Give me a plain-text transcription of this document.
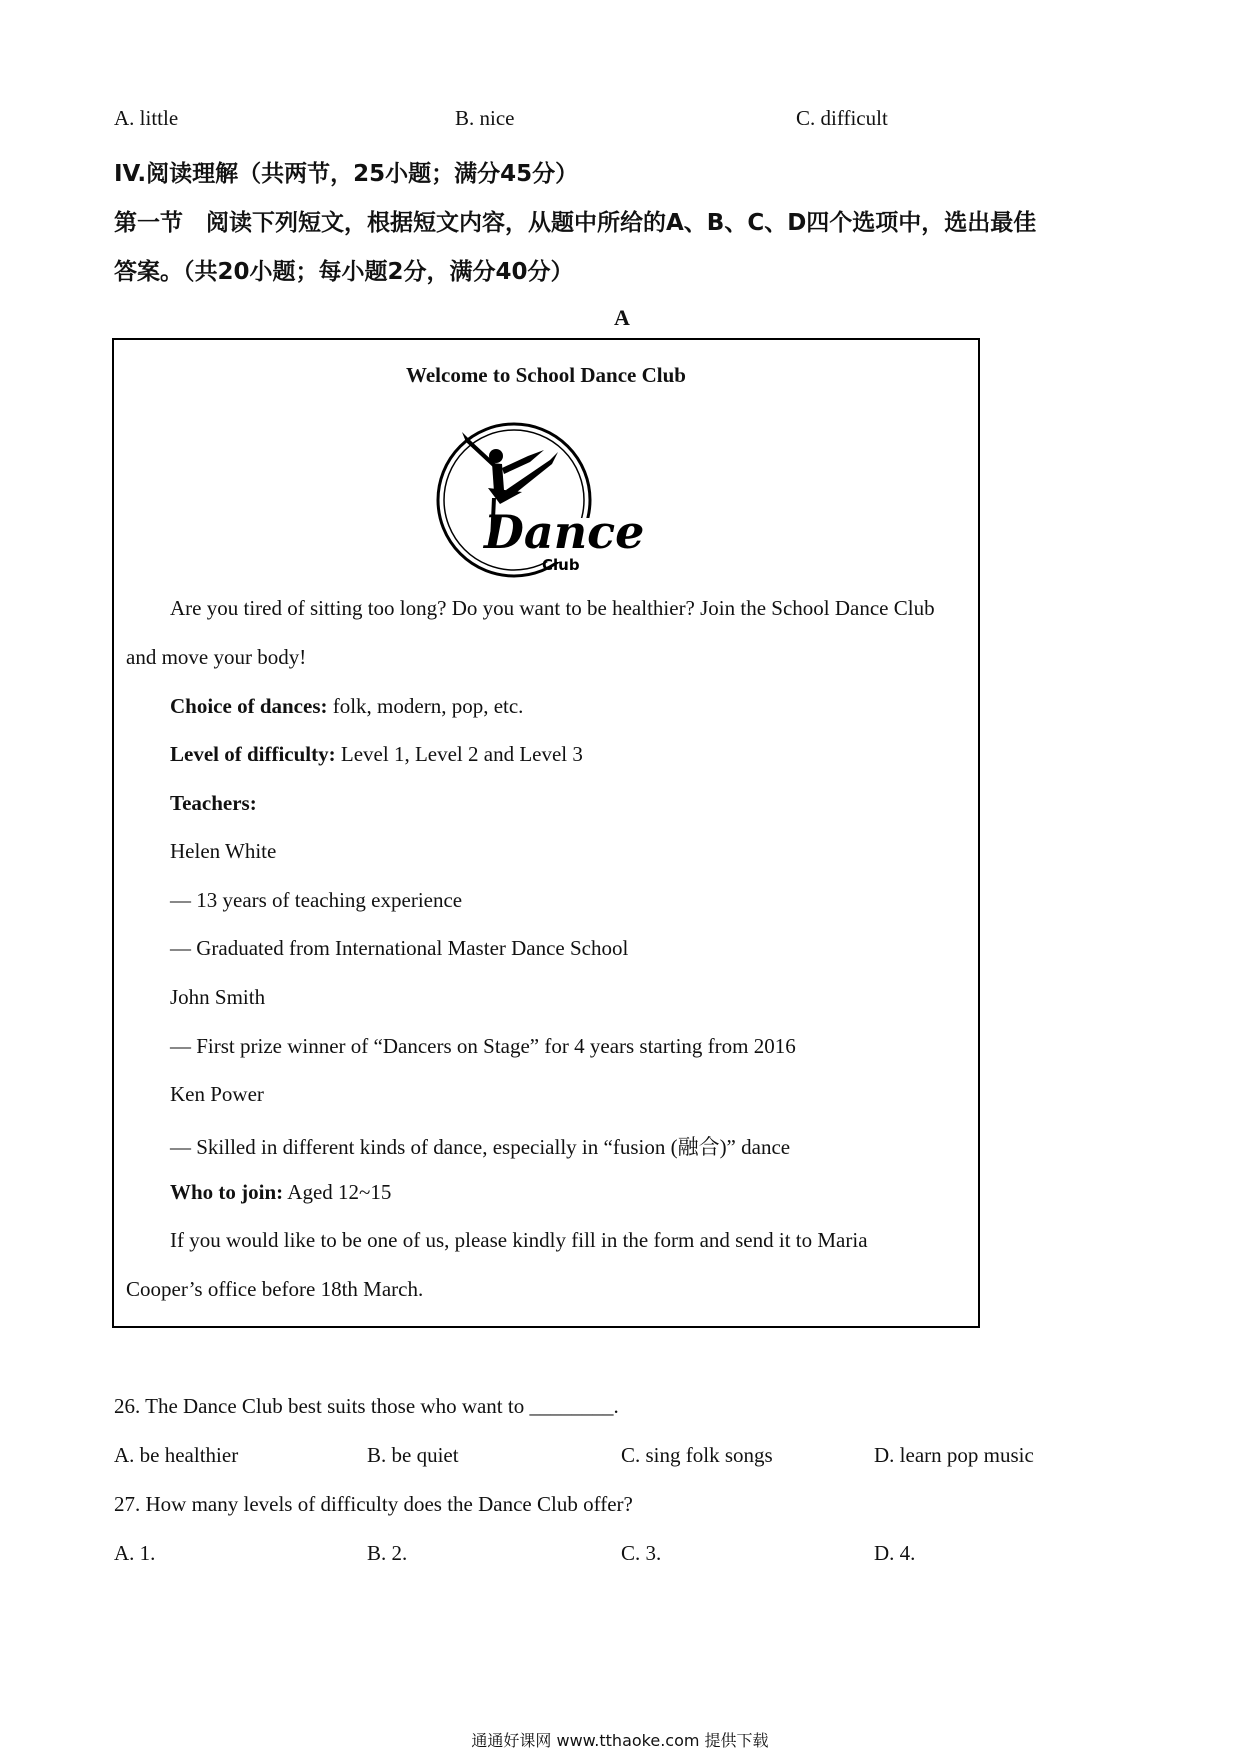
A. little	B. nice	C. difficult
IV.阅读理解（共两节，25小题；满分45分）
第一节　阅读下列短文，根据短文内容，从题中所给的A、B、C、D四个选项中，选出最佳
答案。（共20小题；每小题2分，满分40分）
A
Welcome to School Dance Club
Dance
Club
Are you tired of sitting too long? Do you want to be healthier? Join the School Dance Club
and move your body!
Choice of dances: folk, modern, pop, etc.
Level of difficulty: Level 1, Level 2 and Level 3
Teachers:
Helen White
— 13 years of teaching experience
— Graduated from International Master Dance School
John Smith
— First prize winner of “Dancers on Stage” for 4 years starting from 2016
Ken Power
— Skilled in different kinds of dance, especially in “fusion (融合)” dance
Who to join: Aged 12~15
If you would like to be one of us, please kindly fill in the form and send it to Maria
Cooper’s office before 18th March.
26. The Dance Club best suits those who want to ________.
A. be healthier	B. be quiet	C. sing folk songs	D. learn pop music
27. How many levels of difficulty does the Dance Club offer?
A. 1.	B. 2.	C. 3.	D. 4.
通通好课网 www.tthaoke.com 提供下载
